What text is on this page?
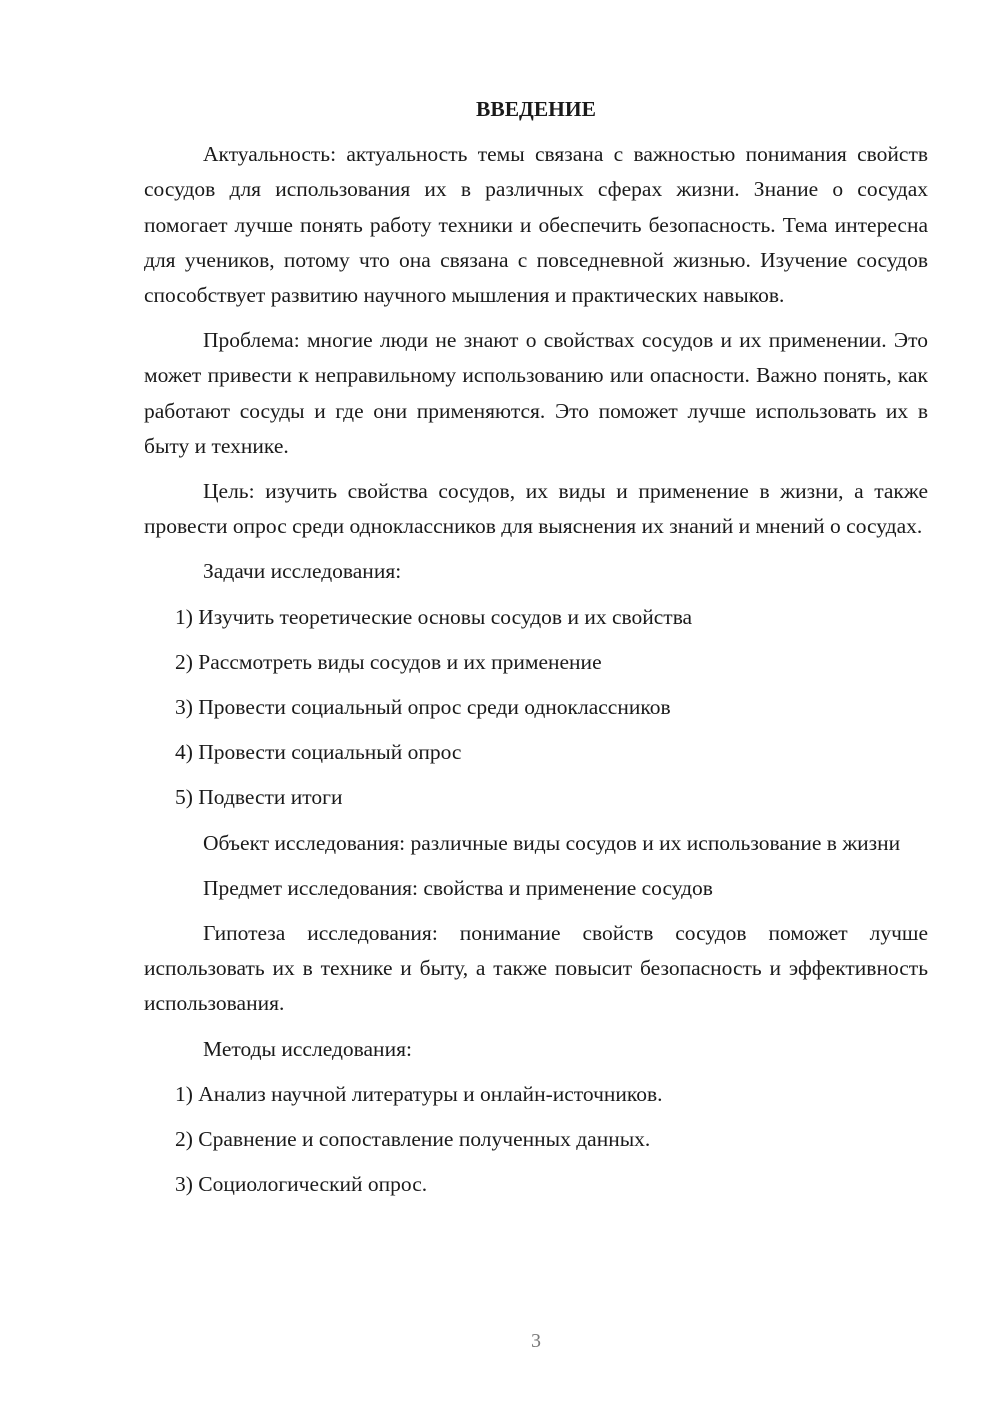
ВВЕДЕНИЕ

Актуальность: актуальность темы связана с важностью понимания свойств сосудов для использования их в различных сферах жизни. Знание о сосудах помогает лучше понять работу техники и обеспечить безопасность. Тема интересна для учеников, потому что она связана с повседневной жизнью. Изучение сосудов способствует развитию научного мышления и практических навыков.

Проблема: многие люди не знают о свойствах сосудов и их применении. Это может привести к неправильному использованию или опасности. Важно понять, как работают сосуды и где они применяются. Это поможет лучше использовать их в быту и технике.

Цель: изучить свойства сосудов, их виды и применение в жизни, а также провести опрос среди одноклассников для выяснения их знаний и мнений о сосудах.

Задачи исследования:
1) Изучить теоретические основы сосудов и их свойства
2) Рассмотреть виды сосудов и их применение
3) Провести социальный опрос среди одноклассников
4) Провести социальный опрос
5) Подвести итоги

Объект исследования: различные виды сосудов и их использование в жизни

Предмет исследования: свойства и применение сосудов

Гипотеза исследования: понимание свойств сосудов поможет лучше использовать их в технике и быту, а также повысит безопасность и эффективность использования.

Методы исследования:
1) Анализ научной литературы и онлайн-источников.
2) Сравнение и сопоставление полученных данных.
3) Социологический опрос.
3
